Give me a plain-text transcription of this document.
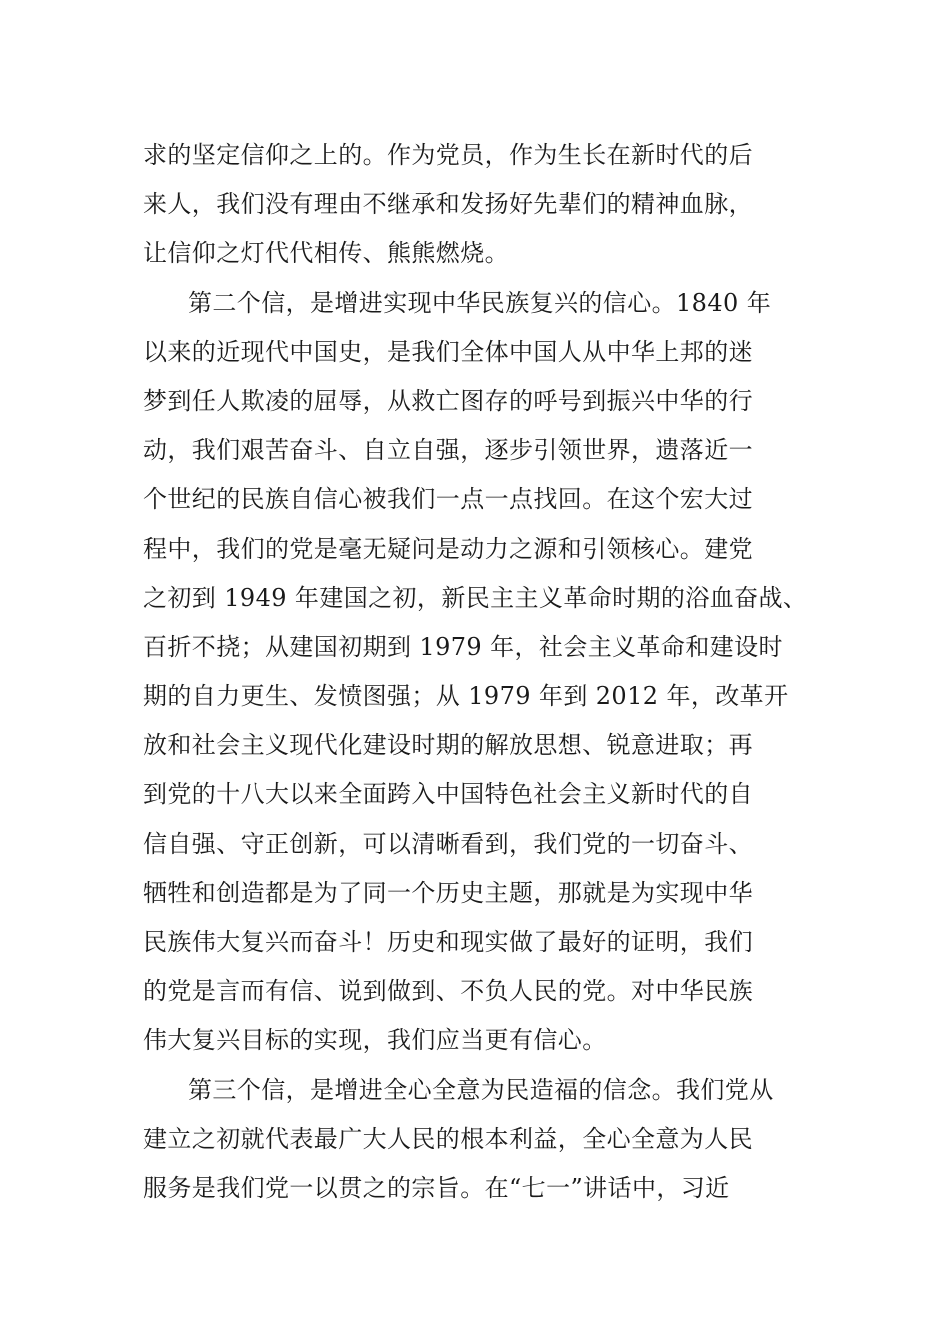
求的坚定信仰之上的。作为党员，作为生长在新时代的后
来人，我们没有理由不继承和发扬好先辈们的精神血脉，
让信仰之灯代代相传、熊熊燃烧。
第二个信，是增进实现中华民族复兴的信心。1840 年
以来的近现代中国史，是我们全体中国人从中华上邦的迷
梦到任人欺凌的屈辱，从救亡图存的呼号到振兴中华的行
动，我们艰苦奋斗、自立自强，逐步引领世界，遗落近一
个世纪的民族自信心被我们一点一点找回。在这个宏大过
程中，我们的党是毫无疑问是动力之源和引领核心。建党
之初到 1949 年建国之初，新民主主义革命时期的浴血奋战、
百折不挠；从建国初期到 1979 年，社会主义革命和建设时
期的自力更生、发愤图强；从 1979 年到 2012 年，改革开
放和社会主义现代化建设时期的解放思想、锐意进取；再
到党的十八大以来全面跨入中国特色社会主义新时代的自
信自强、守正创新，可以清晰看到，我们党的一切奋斗、
牺牲和创造都是为了同一个历史主题，那就是为实现中华
民族伟大复兴而奋斗！历史和现实做了最好的证明，我们
的党是言而有信、说到做到、不负人民的党。对中华民族
伟大复兴目标的实现，我们应当更有信心。
第三个信，是增进全心全意为民造福的信念。我们党从
建立之初就代表最广大人民的根本利益，全心全意为人民
服务是我们党一以贯之的宗旨。在“七一”讲话中，习近
